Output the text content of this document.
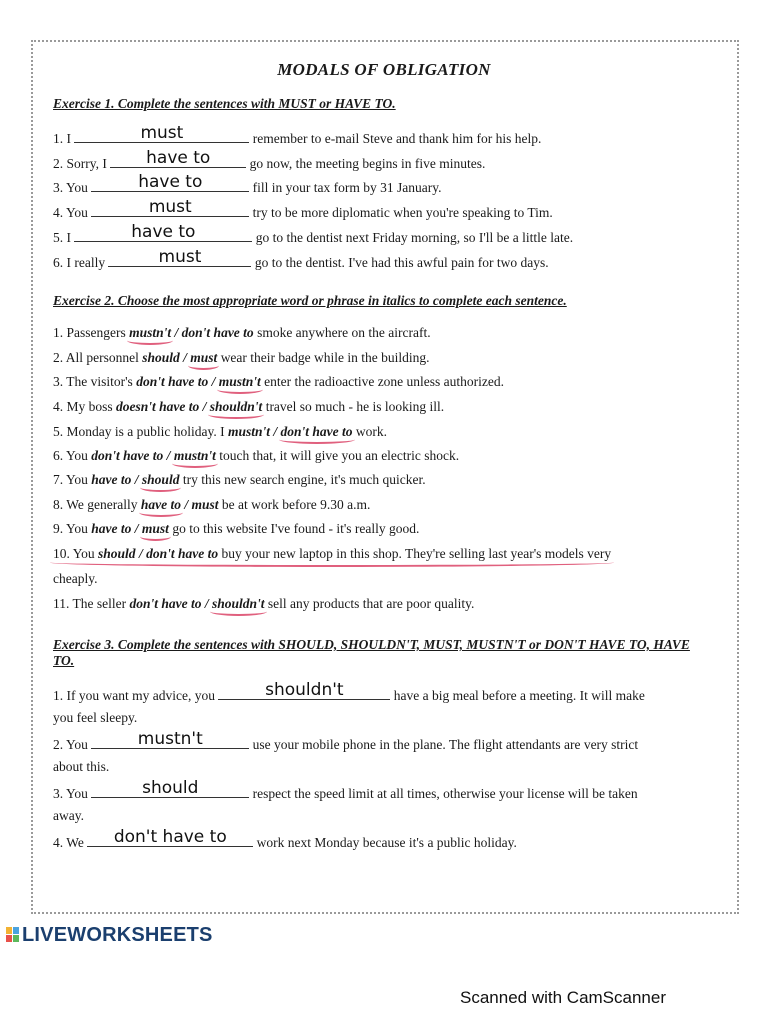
MODALS OF OBLIGATION
Exercise 1. Complete the sentences with MUST or HAVE TO.
1. I	must	remember to e-mail Steve and thank him for his help.
2. Sorry, I	have to	go now, the meeting begins in five minutes.
3. You	have to	fill in your tax form by 31 January.
4. You	must	try to be more diplomatic when you're speaking to Tim.
5. I	have to	go to the dentist next Friday morning, so I'll be a little late.
6. I really	must	go to the dentist. I've had this awful pain for two days.
Exercise 2. Choose the most appropriate word or phrase in italics to complete each sentence.
1. Passengers mustn't / don't have to smoke anywhere on the aircraft.
2. All personnel should / must wear their badge while in the building.
3. The visitor's don't have to / mustn't enter the radioactive zone unless authorized.
4. My boss doesn't have to / shouldn't travel so much - he is looking ill.
5. Monday is a public holiday. I mustn't / don't have to work.
6. You don't have to / mustn't touch that, it will give you an electric shock.
7. You have to / should try this new search engine, it's much quicker.
8. We generally have to / must be at work before 9.30 a.m.
9. You have to / must go to this website I've found - it's really good.
10. You should / don't have to buy your new laptop in this shop. They're selling last year's models very
cheaply.
11. The seller don't have to / shouldn't sell any products that are poor quality.
Exercise 3. Complete the sentences with SHOULD, SHOULDN'T, MUST, MUSTN'T or DON'T HAVE TO, HAVE TO.
1. If you want my advice, you	shouldn't	have a big meal before a meeting. It will make
you feel sleepy.
2. You	mustn't	use your mobile phone in the plane. The flight attendants are very strict
about this.
3. You	should	respect the speed limit at all times, otherwise your license will be taken
away.
4. We	don't have to	work next Monday because it's a public holiday.
LIVEWORKSHEETS
Scanned with CamScanner
